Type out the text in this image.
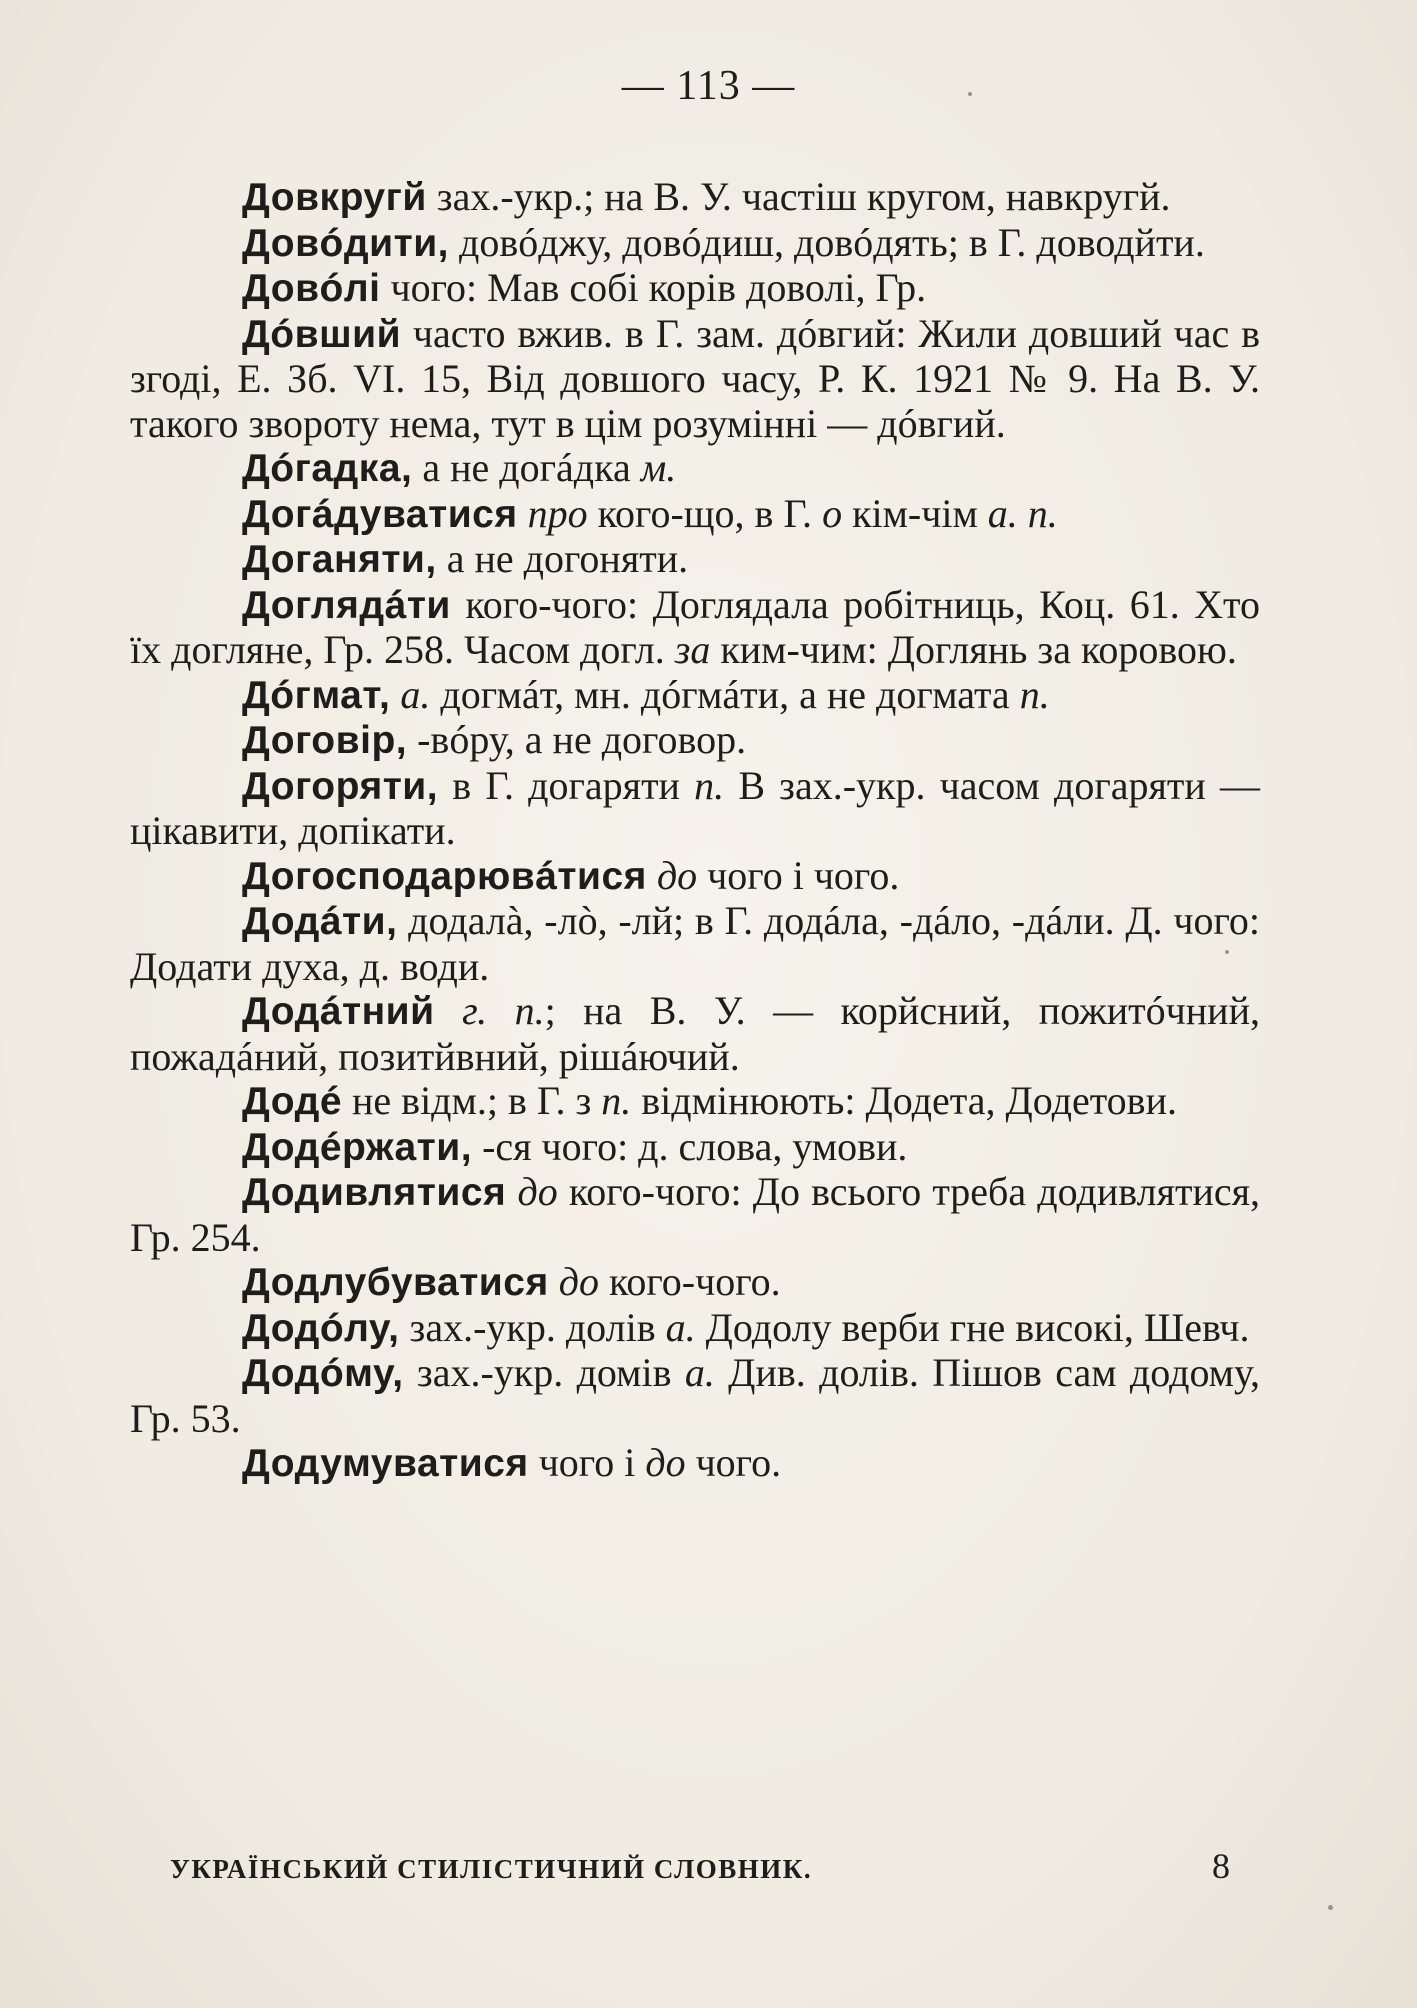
— 113 —

Довкругй зах.-укр.; на В. У. частіш кругом, навкругй.

Довóдити, довóджу, довóдиш, довóдять; в Г. доводйти.

Довóлі чого: Мав собі корів доволі, Гр.

Дóвший часто вжив. в Г. зам. дóвгий: Жили довший час в згоді, Е. Зб. VI. 15, Від довшого часу, Р. К. 1921 № 9. На В. У. такого звороту нема, тут в цім розумінні — дóвгий.

Дóгадка, а не догáдка м.

Догáдуватися про кого-що, в Г. о кім-чім а. п.

Доганяти, а не догоняти.

Доглядáти кого-чого: Доглядала робітниць, Коц. 61. Хто їх догляне, Гр. 258. Часом догл. за ким-чим: Доглянь за коровою.

Дóгмат, а. догмáт, мн. дóгмáти, а не догмата п.

Договір, -вóру, а не договор.

Догоряти, в Г. догаряти п. В зах.-укр. часом догаряти — цікавити, допікати.

Догосподарювáтися до чого і чого.

Додáти, додалà, -лò, -лй; в Г. додáла, -дáло, -дáли. Д. чого: Додати духа, д. води.

Додáтний г. п.; на В. У. — корйсний, пожитóчний, пожадáний, позитйвний, рішáючий.

Додé не відм.; в Г. з п. відмінюють: Додета, Додетови.

Додéржати, -ся чого: д. слова, умови.

Додивлятися до кого-чого: До всього треба додивлятися, Гр. 254.

Додлубуватися до кого-чого.

Додóлу, зах.-укр. долів а. Додолу верби гне високі, Шевч.

Додóму, зах.-укр. домів а. Див. долів. Пішов сам додому, Гр. 53.

Додумуватися чого і до чого.

УКРАЇНСЬКИЙ СТИЛІСТИЧНИЙ СЛОВНИК.	8
